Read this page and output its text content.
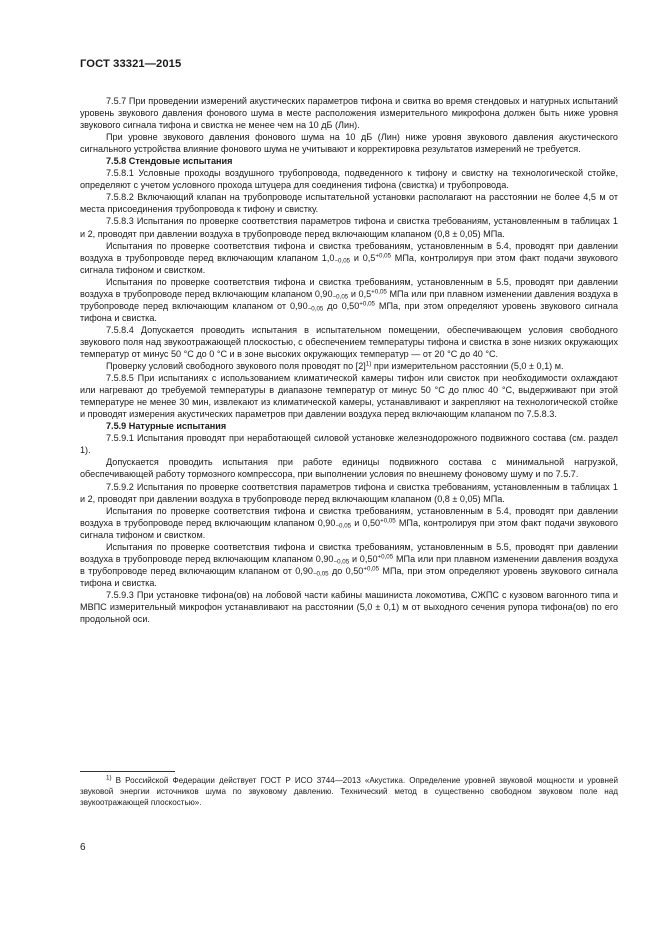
ГОСТ 33321—2015

7.5.7 При проведении измерений акустических параметров тифона и свитка во время стендовых и натурных испытаний уровень звукового давления фонового шума в месте расположения измерительного микрофона должен быть ниже уровня звукового сигнала тифона и свистка не менее чем на 10 дБ (Лин).

При уровне звукового давления фонового шума на 10 дБ (Лин) ниже уровня звукового давления акустического сигнального устройства влияние фонового шума не учитывают и корректировка результатов измерений не требуется.

7.5.8 Стендовые испытания

7.5.8.1 Условные проходы воздушного трубопровода, подведенного к тифону и свистку на технологической стойке, определяют с учетом условного прохода штуцера для соединения тифона (свистка) и трубопровода.

7.5.8.2 Включающий клапан на трубопроводе испытательной установки располагают на расстоянии не более 4,5 м от места присоединения трубопровода к тифону и свистку.

7.5.8.3 Испытания по проверке соответствия параметров тифона и свистка требованиям, установленным в таблицах 1 и 2, проводят при давлении воздуха в трубопроводе перед включающим клапаном (0,8 ± 0,05) МПа.

Испытания по проверке соответствия тифона и свистка требованиям, установленным в 5.4, проводят при давлении воздуха в трубопроводе перед включающим клапаном $1,0_{-0,05}$ и $0,5^{+0,05}$ МПа, контролируя при этом факт подачи звукового сигнала тифоном и свистком.

Испытания по проверке соответствия тифона и свистка требованиям, установленным в 5.5, проводят при давлении воздуха в трубопроводе перед включающим клапаном $0,90_{-0,05}$ и $0,5^{+0,05}$ МПа или при плавном изменении давления воздуха в трубопроводе перед включающим клапаном от $0,90_{-0,05}$ до $0,50^{+0,05}$ МПа, при этом определяют уровень звукового сигнала тифона и свистка.

7.5.8.4 Допускается проводить испытания в испытательном помещении, обеспечивающем условия свободного звукового поля над звукоотражающей плоскостью, с обеспечением температуры тифона и свистка в зоне низких окружающих температур от минус 50 °С до 0 °С и в зоне высоких окружающих температур — от 20 °С до 40 °С.

Проверку условий свободного звукового поля проводят по $[2]^{1)}$ при измерительном расстоянии (5,0 ± 0,1) м.

7.5.8.5 При испытаниях с использованием климатической камеры тифон или свисток при необходимости охлаждают или нагревают до требуемой температуры в диапазоне температур от минус 50 °С до плюс 40 °С, выдерживают при этой температуре не менее 30 мин, извлекают из климатической камеры, устанавливают и закрепляют на технологической стойке и проводят измерения акустических параметров при давлении воздуха перед включающим клапаном по 7.5.8.3.

7.5.9 Натурные испытания

7.5.9.1 Испытания проводят при неработающей силовой установке железнодорожного подвижного состава (см. раздел 1).

Допускается проводить испытания при работе единицы подвижного состава с минимальной нагрузкой, обеспечивающей работу тормозного компрессора, при выполнении условия по внешнему фоновому шуму и по 7.5.7.

7.5.9.2 Испытания по проверке соответствия параметров тифона и свистка требованиям, установленным в таблицах 1 и 2, проводят при давлении воздуха в трубопроводе перед включающим клапаном (0,8 ± 0,05) МПа.

Испытания по проверке соответствия тифона и свистка требованиям, установленным в 5.4, проводят при давлении воздуха в трубопроводе перед включающим клапаном $0,90_{-0,05}$ и $0,50^{+0,05}$ МПа, контролируя при этом факт подачи звукового сигнала тифоном и свистком.

Испытания по проверке соответствия тифона и свистка требованиям, установленным в 5.5, проводят при давлении воздуха в трубопроводе перед включающим клапаном $0,90_{-0,05}$ и $0,50^{+0,05}$ МПа или при плавном изменении давления воздуха в трубопроводе перед включающим клапаном от $0,90_{-0,05}$ до $0,50^{+0,05}$ МПа, при этом определяют уровень звукового сигнала тифона и свистка.

7.5.9.3 При установке тифона(ов) на лобовой части кабины машиниста локомотива, СЖПС с кузовом вагонного типа и МВПС измерительный микрофон устанавливают на расстоянии (5,0 ± 0,1) м от выходного сечения рупора тифона(ов) по его продольной оси.

$^{1)}$ В Российской Федерации действует ГОСТ Р ИСО 3744—2013 «Акустика. Определение уровней звуковой мощности и уровней звуковой энергии источников шума по звуковому давлению. Технический метод в существенно свободном звуковом поле над звукоотражающей плоскостью».

6
